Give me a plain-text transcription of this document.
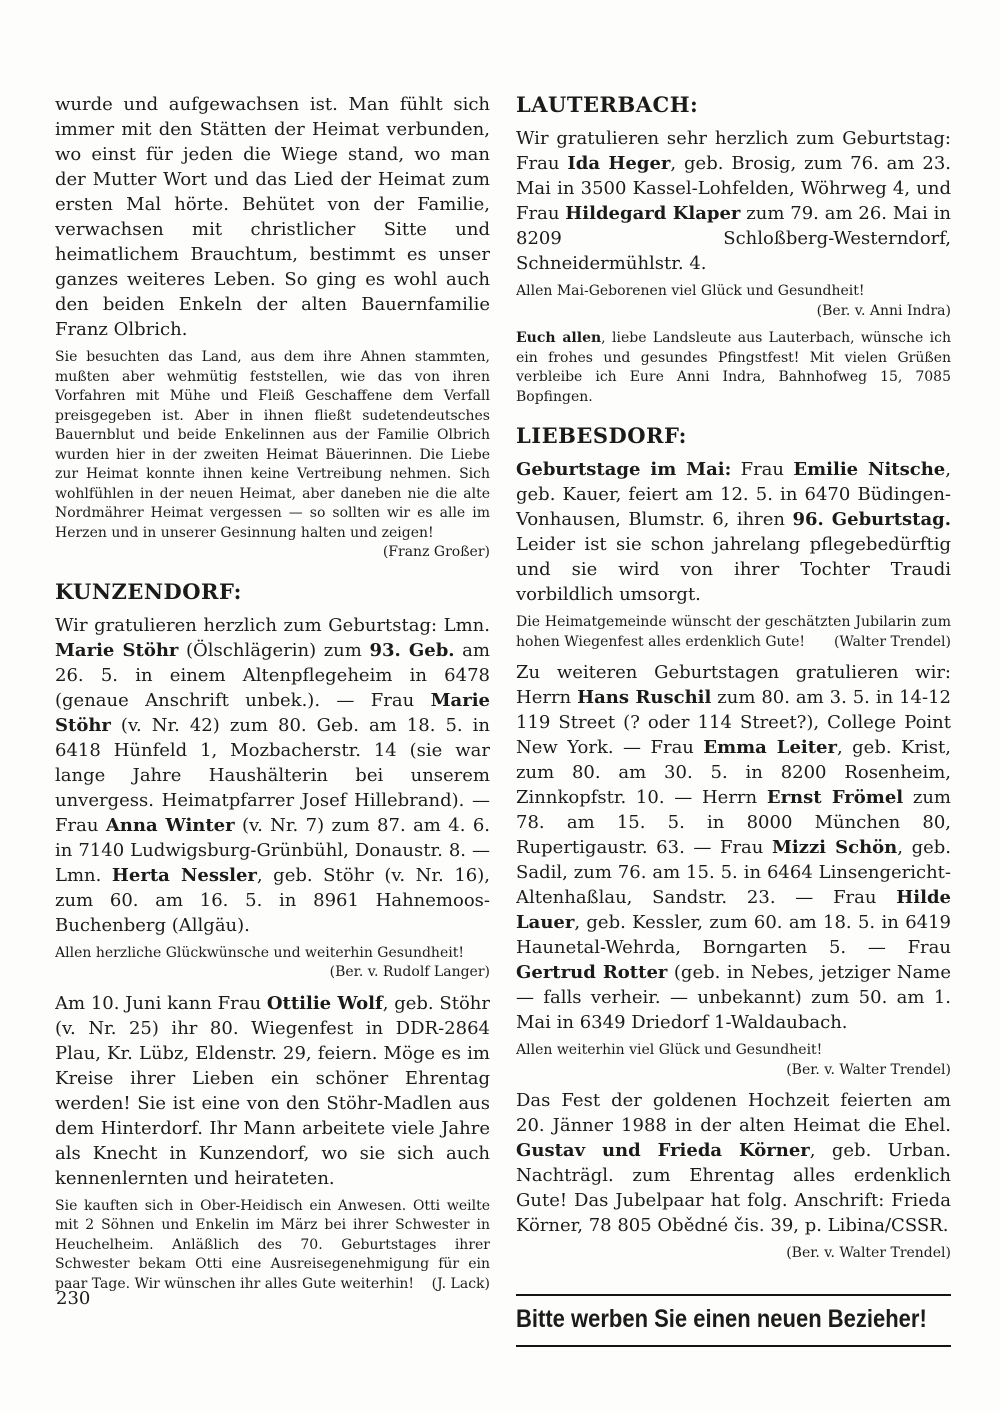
wurde und aufgewachsen ist. Man fühlt sich immer mit den Stätten der Heimat verbunden, wo einst für jeden die Wiege stand, wo man der Mutter Wort und das Lied der Heimat zum ersten Mal hörte. Behütet von der Familie, verwachsen mit christlicher Sitte und heimatlichem Brauchtum, bestimmt es unser ganzes weiteres Leben. So ging es wohl auch den beiden Enkeln der alten Bauernfamilie Franz Olbrich.

Sie besuchten das Land, aus dem ihre Ahnen stammten, mußten aber wehmütig feststellen, wie das von ihren Vorfahren mit Mühe und Fleiß Geschaffene dem Verfall preisgegeben ist. Aber in ihnen fließt sudetendeutsches Bauernblut und beide Enkelinnen aus der Familie Olbrich wurden hier in der zweiten Heimat Bäuerinnen. Die Liebe zur Heimat konnte ihnen keine Vertreibung nehmen. Sich wohlfühlen in der neuen Heimat, aber daneben nie die alte Nordmährer Heimat vergessen — so sollten wir es alle im Herzen und in unserer Gesinnung halten und zeigen!
(Franz Großer)

KUNZENDORF:

Wir gratulieren herzlich zum Geburtstag: Lmn. Marie Stöhr (Ölschlägerin) zum 93. Geb. am 26. 5. in einem Altenpflegeheim in 6478 (genaue Anschrift unbek.). — Frau Marie Stöhr (v. Nr. 42) zum 80. Geb. am 18. 5. in 6418 Hünfeld 1, Mozbacherstr. 14 (sie war lange Jahre Haushälterin bei unserem unvergess. Heimatpfarrer Josef Hillebrand). — Frau Anna Winter (v. Nr. 7) zum 87. am 4. 6. in 7140 Ludwigsburg-Grünbühl, Donaustr. 8. — Lmn. Herta Nessler, geb. Stöhr (v. Nr. 16), zum 60. am 16. 5. in 8961 Hahnemoos-Buchenberg (Allgäu).

Allen herzliche Glückwünsche und weiterhin Gesundheit!
(Ber. v. Rudolf Langer)

Am 10. Juni kann Frau Ottilie Wolf, geb. Stöhr (v. Nr. 25) ihr 80. Wiegenfest in DDR-2864 Plau, Kr. Lübz, Eldenstr. 29, feiern. Möge es im Kreise ihrer Lieben ein schöner Ehrentag werden! Sie ist eine von den Stöhr-Madlen aus dem Hinterdorf. Ihr Mann arbeitete viele Jahre als Knecht in Kunzendorf, wo sie sich auch kennenlernten und heirateten.

Sie kauften sich in Ober-Heidisch ein Anwesen. Otti weilte mit 2 Söhnen und Enkelin im März bei ihrer Schwester in Heuchelheim. Anläßlich des 70. Geburtstages ihrer Schwester bekam Otti eine Ausreisegenehmigung für ein paar Tage. Wir wünschen ihr alles Gute weiterhin!	(J. Lack)

LAUTERBACH:

Wir gratulieren sehr herzlich zum Geburtstag: Frau Ida Heger, geb. Brosig, zum 76. am 23. Mai in 3500 Kassel-Lohfelden, Wöhrweg 4, und Frau Hildegard Klaper zum 79. am 26. Mai in 8209 Schloßberg-Westerndorf, Schneidermühlstr. 4.

Allen Mai-Geborenen viel Glück und Gesundheit!
(Ber. v. Anni Indra)

Euch allen, liebe Landsleute aus Lauterbach, wünsche ich ein frohes und gesundes Pfingstfest! Mit vielen Grüßen verbleibe ich Eure Anni Indra, Bahnhofweg 15, 7085 Bopfingen.

LIEBESDORF:

Geburtstage im Mai: Frau Emilie Nitsche, geb. Kauer, feiert am 12. 5. in 6470 Büdingen-Vonhausen, Blumstr. 6, ihren 96. Geburtstag. Leider ist sie schon jahrelang pflegebedürftig und sie wird von ihrer Tochter Traudi vorbildlich umsorgt.

Die Heimatgemeinde wünscht der geschätzten Jubilarin zum hohen Wiegenfest alles erdenklich Gute!	(Walter Trendel)

Zu weiteren Geburtstagen gratulieren wir: Herrn Hans Ruschil zum 80. am 3. 5. in 14-12 119 Street (? oder 114 Street?), College Point New York. — Frau Emma Leiter, geb. Krist, zum 80. am 30. 5. in 8200 Rosenheim, Zinnkopfstr. 10. — Herrn Ernst Frömel zum 78. am 15. 5. in 8000 München 80, Rupertigaustr. 63. — Frau Mizzi Schön, geb. Sadil, zum 76. am 15. 5. in 6464 Linsengericht-Altenhaßlau, Sandstr. 23. — Frau Hilde Lauer, geb. Kessler, zum 60. am 18. 5. in 6419 Haunetal-Wehrda, Borngarten 5. — Frau Gertrud Rotter (geb. in Nebes, jetziger Name — falls verheir. — unbekannt) zum 50. am 1. Mai in 6349 Driedorf 1-Waldaubach.

Allen weiterhin viel Glück und Gesundheit!
(Ber. v. Walter Trendel)

Das Fest der goldenen Hochzeit feierten am 20. Jänner 1988 in der alten Heimat die Ehel. Gustav und Frieda Körner, geb. Urban. Nachträgl. zum Ehrentag alles erdenklich Gute! Das Jubelpaar hat folg. Anschrift: Frieda Körner, 78 805 Obědné čis. 39, p. Libina/CSSR.

(Ber. v. Walter Trendel)

Bitte werben Sie einen neuen Bezieher!
230
